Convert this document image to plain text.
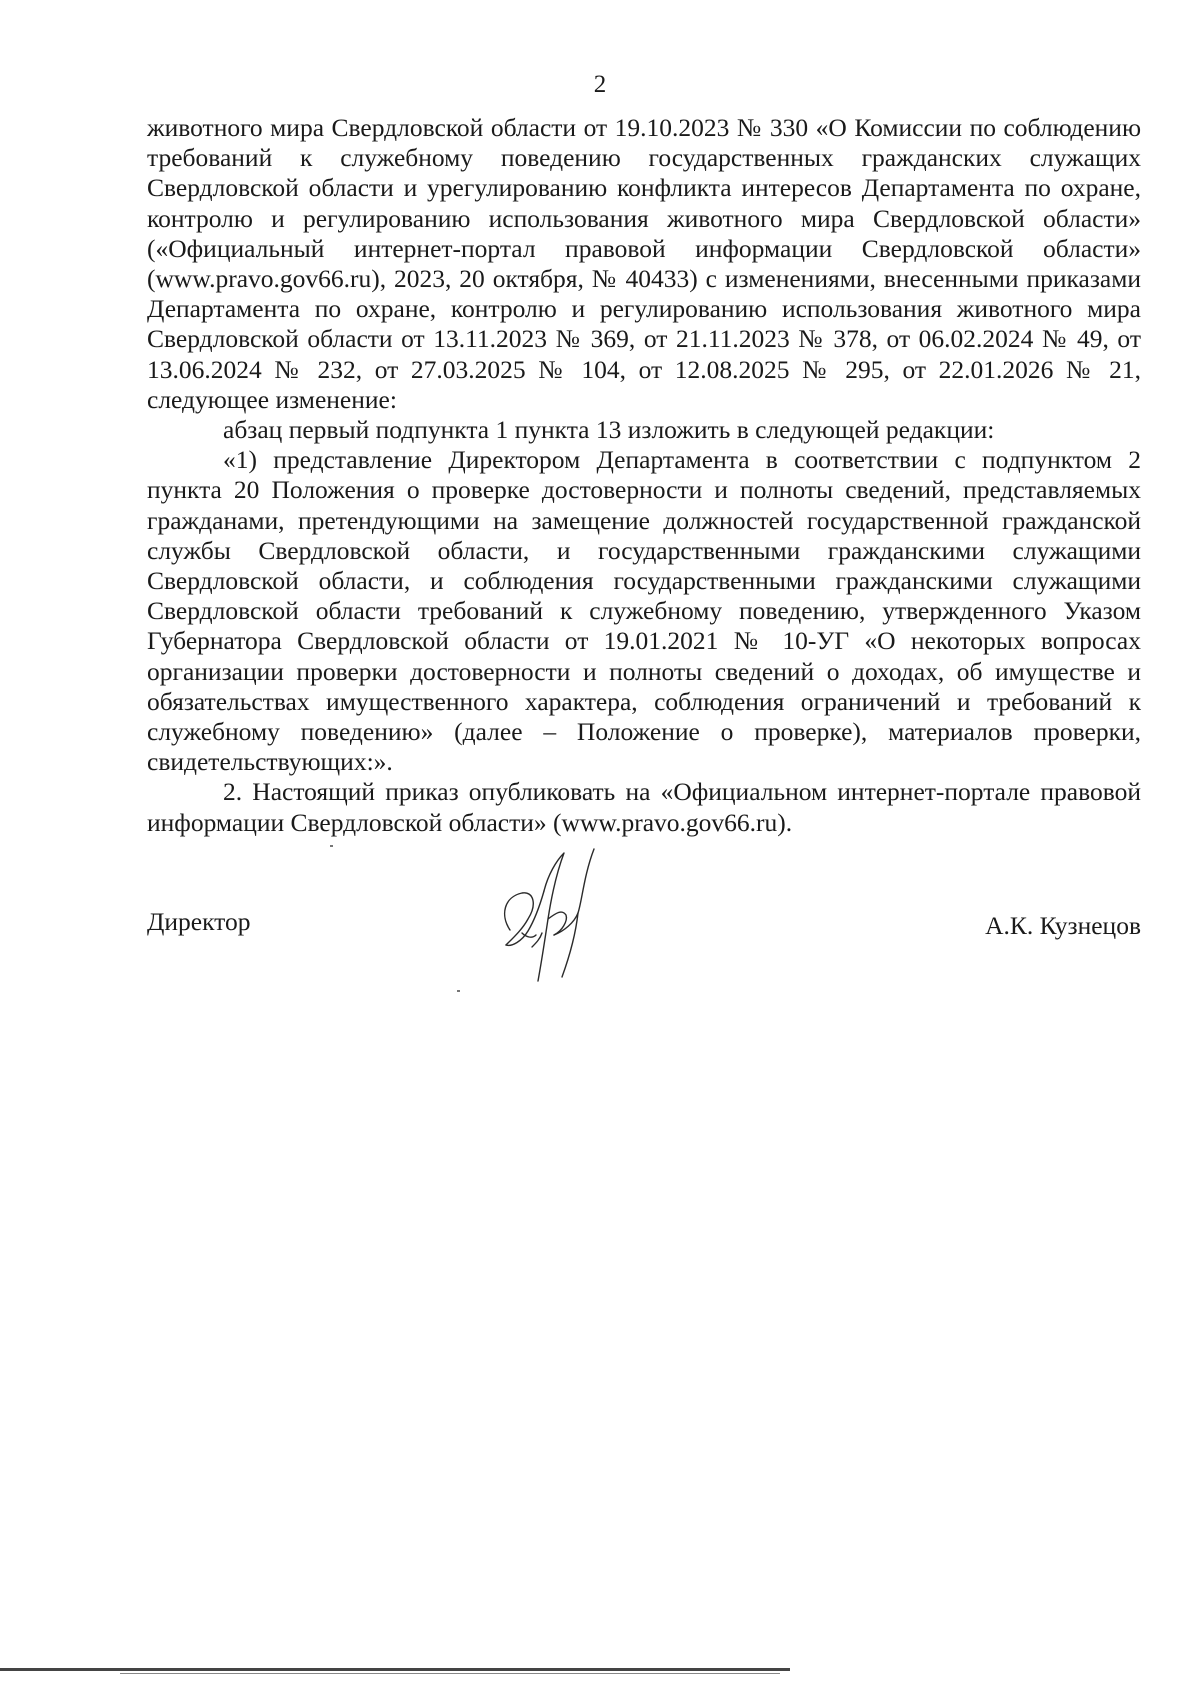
2

животного мира Свердловской области от 19.10.2023 № 330 «О Комиссии по соблюдению требований к служебному поведению государственных гражданских служащих Свердловской области и урегулированию конфликта интересов Департамента по охране, контролю и регулированию использования животного мира Свердловской области» («Официальный интернет-портал правовой информации Свердловской области» (www.pravo.gov66.ru), 2023, 20 октября, № 40433) с изменениями, внесенными приказами Департамента по охране, контролю и регулированию использования животного мира Свердловской области от 13.11.2023 № 369, от 21.11.2023 № 378, от 06.02.2024 № 49, от 13.06.2024 № 232, от 27.03.2025 № 104, от 12.08.2025 № 295, от 22.01.2026 № 21, следующее изменение:

абзац первый подпункта 1 пункта 13 изложить в следующей редакции:

«1) представление Директором Департамента в соответствии с подпунктом 2 пункта 20 Положения о проверке достоверности и полноты сведений, представляемых гражданами, претендующими на замещение должностей государственной гражданской службы Свердловской области, и государственными гражданскими служащими Свердловской области, и соблюдения государственными гражданскими служащими Свердловской области требований к служебному поведению, утвержденного Указом Губернатора Свердловской области от 19.01.2021 № 10-УГ «О некоторых вопросах организации проверки достоверности и полноты сведений о доходах, об имуществе и обязательствах имущественного характера, соблюдения ограничений и требований к служебному поведению» (далее – Положение о проверке), материалов проверки, свидетельствующих:».

2. Настоящий приказ опубликовать на «Официальном интернет-портале правовой информации Свердловской области» (www.pravo.gov66.ru).

Директор	А.К. Кузнецов
